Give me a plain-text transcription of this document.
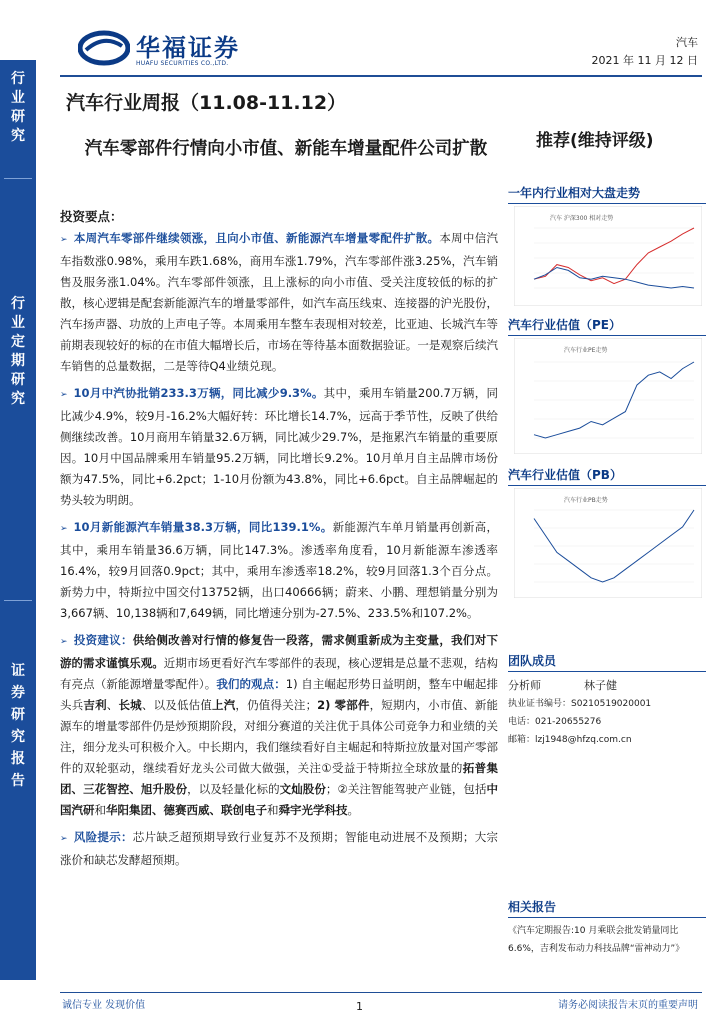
华福证券
HUAFU SECURITIES CO.,LTD.
汽车
2021 年 11 月 12 日
行业研究
行业定期研究
证券研究报告
汽车行业周报（11.08-11.12）
汽车零部件行情向小市值、新能车增量配件公司扩散	推荐(维持评级)

投资要点：

➢ 本周汽车零部件继续领涨，且向小市值、新能源汽车增量零配件扩散。本周中信汽车指数涨0.98%，乘用车跌1.68%，商用车涨1.79%，汽车零部件涨3.25%，汽车销售及服务涨1.04%。汽车零部件领涨，且上涨标的向小市值、受关注度较低的标的扩散，核心逻辑是配套新能源汽车的增量零部件，如汽车高压线束、连接器的沪光股份，汽车扬声器、功放的上声电子等。本周乘用车整车表现相对较差，比亚迪、长城汽车等前期表现较好的标的在市值大幅增长后，市场在等待基本面数据验证。一是观察后续汽车销售的总量数据，二是等待Q4业绩兑现。

➢ 10月中汽协批销233.3万辆，同比减少9.3%。其中，乘用车销量200.7万辆，同比减少4.9%，较9月-16.2%大幅好转：环比增长14.7%，远高于季节性，反映了供给侧继续改善。10月商用车销量32.6万辆，同比减少29.7%，是拖累汽车销量的重要原因。10月中国品牌乘用车销量95.2万辆，同比增长9.2%。10月单月自主品牌市场份额为47.5%，同比+6.2pct；1-10月份额为43.8%，同比+6.6pct。自主品牌崛起的势头较为明朗。

➢ 10月新能源汽车销量38.3万辆，同比139.1%。新能源汽车单月销量再创新高，其中，乘用车销量36.6万辆，同比147.3%。渗透率角度看，10月新能源车渗透率16.4%，较9月回落0.9pct；其中，乘用车渗透率18.2%，较9月回落1.3个百分点。新势力中，特斯拉中国交付13752辆，出口40666辆；蔚来、小鹏、理想销量分别为3,667辆、10,138辆和7,649辆，同比增速分别为-27.5%、233.5%和107.2%。

➢ 投资建议：供给侧改善对行情的修复告一段落，需求侧重新成为主变量，我们对下游的需求谨慎乐观。近期市场更看好汽车零部件的表现，核心逻辑是总量不悲观，结构有亮点（新能源增量零配件）。我们的观点：1) 自主崛起形势日益明朗，整车中崛起排头兵吉利、长城、以及低估值上汽，仍值得关注；2) 零部件，短期内，小市值、新能源车的增量零部件仍是炒预期阶段，对细分赛道的关注优于具体公司竞争力和业绩的关注，细分龙头可积极介入。中长期内，我们继续看好自主崛起和特斯拉放量对国产零部件的双轮驱动，继续看好龙头公司做大做强，关注①受益于特斯拉全球放量的拓普集团、三花智控、旭升股份，以及轻量化标的文灿股份；②关注智能驾驶产业链，包括中国汽研和华阳集团、德赛西威、联创电子和舜宇光学科技。

➢ 风险提示：芯片缺乏超预期导致行业复苏不及预期；智能电动进展不及预期；大宗涨价和缺芯发酵超预期。

一年内行业相对大盘走势
汽车 沪深300 相对走势
汽车行业估值（PE）
汽车行业PE走势
汽车行业估值（PB）
汽车行业PB走势
团队成员
分析师	林子健
执业证书编号：S0210519020001
电话：021-20655276
邮箱：lzj1948@hfzq.com.cn
相关报告
《汽车定期报告:10 月乘联会批发销量同比 6.6%，吉利发布动力科技品牌“雷神动力”》
诚信专业 发现价值	1	请务必阅读报告末页的重要声明
